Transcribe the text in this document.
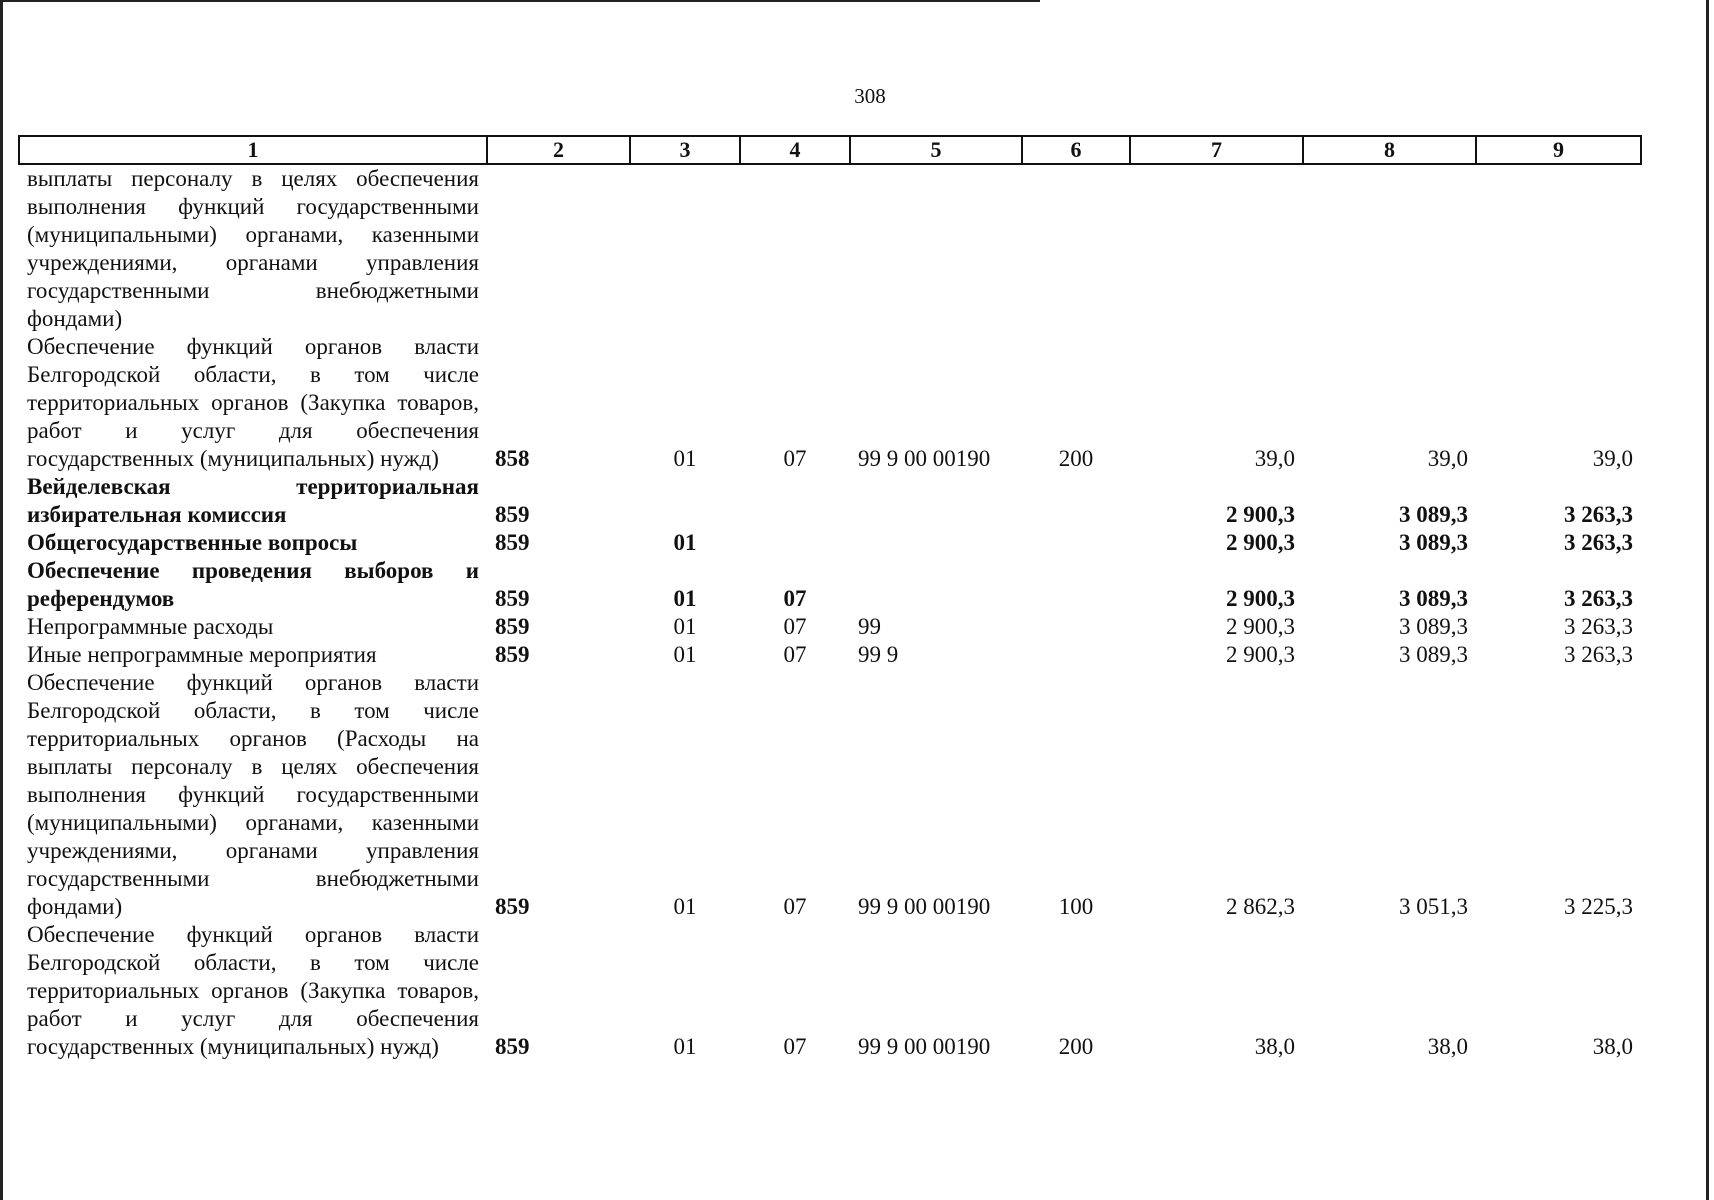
308
1	2	3	4	5	6	7	8	9
выплаты персоналу в целях обеспечения выполнения функций государственными (муниципальными) органами, казенными учреждениями, органами управления государственными внебюджетными фондами)								
Обеспечение функций органов власти Белгородской области, в том числе территориальных органов (Закупка товаров, работ и услуг для обеспечения государственных (муниципальных) нужд)	858	01	07	99 9 00 00190	200	39,0	39,0	39,0
Вейделевская территориальная избирательная комиссия	859					2 900,3	3 089,3	3 263,3
Общегосударственные вопросы	859	01				2 900,3	3 089,3	3 263,3
Обеспечение проведения выборов и референдумов	859	01	07			2 900,3	3 089,3	3 263,3
Непрограммные расходы	859	01	07	99		2 900,3	3 089,3	3 263,3
Иные непрограммные мероприятия	859	01	07	99 9		2 900,3	3 089,3	3 263,3
Обеспечение функций органов власти Белгородской области, в том числе территориальных органов (Расходы на выплаты персоналу в целях обеспечения выполнения функций государственными (муниципальными) органами, казенными учреждениями, органами управления государственными внебюджетными фондами)	859	01	07	99 9 00 00190	100	2 862,3	3 051,3	3 225,3
Обеспечение функций органов власти Белгородской области, в том числе территориальных органов (Закупка товаров, работ и услуг для обеспечения государственных (муниципальных) нужд)	859	01	07	99 9 00 00190	200	38,0	38,0	38,0
